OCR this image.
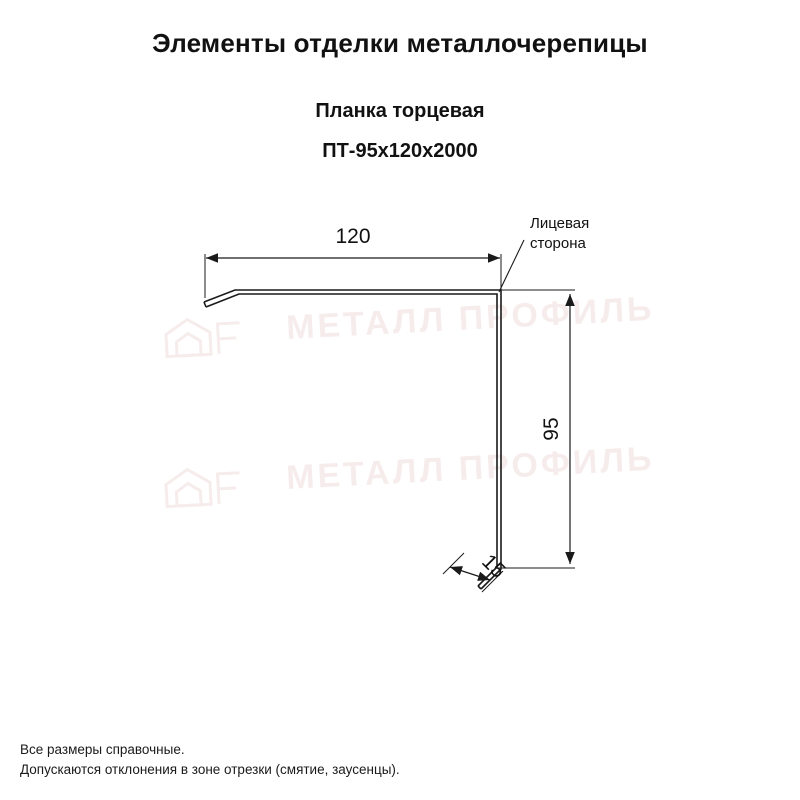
Элементы отделки металлочерепицы
Планка торцевая
ПТ-95х120х2000
МЕТАЛЛ ПРОФИЛЬ
МЕТАЛЛ ПРОФИЛЬ
120
95
15
Лицевая
сторона
Все размеры справочные.
Допускаются отклонения в зоне отрезки (смятие, заусенцы).
